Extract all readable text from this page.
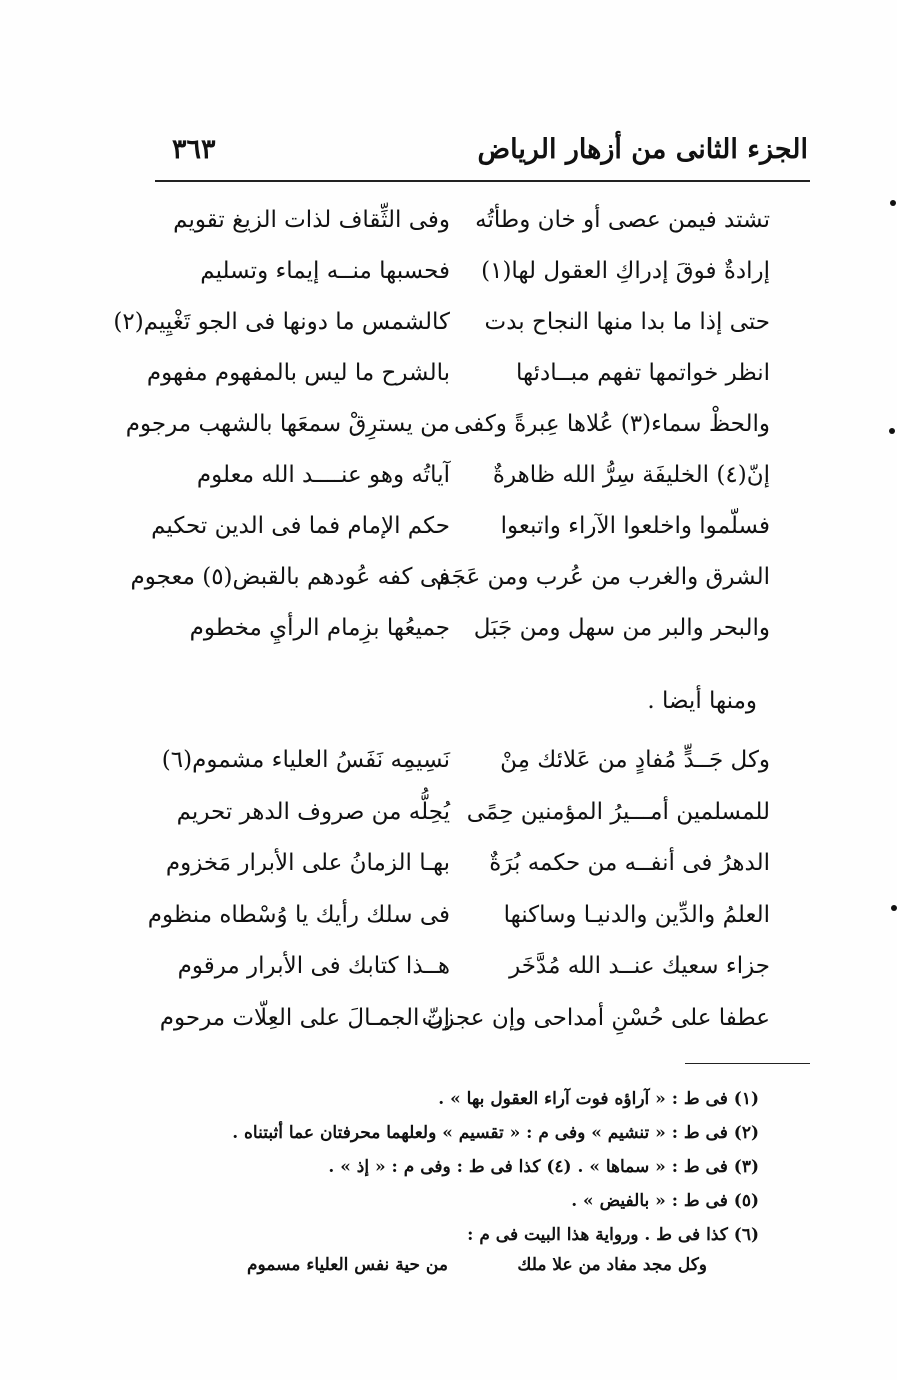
الجزء الثانى من أزهار الرياض
٣٦٣
تشتد فيمن عصى أو خان وطأتُه
وفى الثِّقاف لذات الزيغ تقويم
إرادةٌ فوقَ إدراكِ العقول لها(١)
فحسبها منــه إيماء وتسليم
حتى إذا ما بدا منها النجاح بدت
كالشمس ما دونها فى الجو تَغْيِيم(٢)
انظر خواتمها تفهم مبــادئها
بالشرح ما ليس بالمفهوم مفهوم
والحظْ سماء(٣) عُلاها عِبرةً وكفى
من يسترِقْ سمعَها بالشهب مرجوم
إنّ(٤) الخليفَة سِرُّ الله ظاهرةٌ
آياتُه وهو عنــــد الله معلوم
فسلّموا واخلعوا الآراء واتبعوا
حكم الإمام فما فى الدين تحكيم
الشرق والغرب من عُرب ومن عَجَم
فى كفه عُودهم بالقبض(٥) معجوم
والبحر والبر من سهل ومن جَبَل
جميعُها بزِمام الرأيِ مخطوم
ومنها أيضا .
وكل جَــدٍّ مُفادٍ من عَلائك مِنْ
نَسِيمِه نَفَسُ العلياء مشموم(٦)
للمسلمين أمـــيرُ المؤمنين حِمًى
يُحِلُّه من صروف الدهر تحريم
الدهرُ فى أنفــه من حكمه بُرَةٌ
بهـا الزمانُ على الأبرار مَخزوم
العلمُ والدِّين والدنيـا وساكنها
فى سلك رأيك يا وُسْطاه منظوم
جزاء سعيك عنــد الله مُدَّخَر
هــذا كتابك فى الأبرار مرقوم
عطفا على حُسْنِ أمداحى وإن عجزت
إنّ الجمـالَ على العِلّات مرحوم
(١) فى ط : « آراؤه فوت آراء العقول بها » .
(٢) فى ط : « تنشيم » وفى م : « تقسيم » ولعلهما محرفتان عما أثبتناه .
(٣) فى ط : « سماها » . (٤) كذا فى ط : وفى م : « إذ » .
(٥) فى ط : « بالفيض » .
(٦) كذا فى ط . ورواية هذا البيت فى م :
وكل مجد مفاد من علا ملك
من حية نفس العلياء مسموم
